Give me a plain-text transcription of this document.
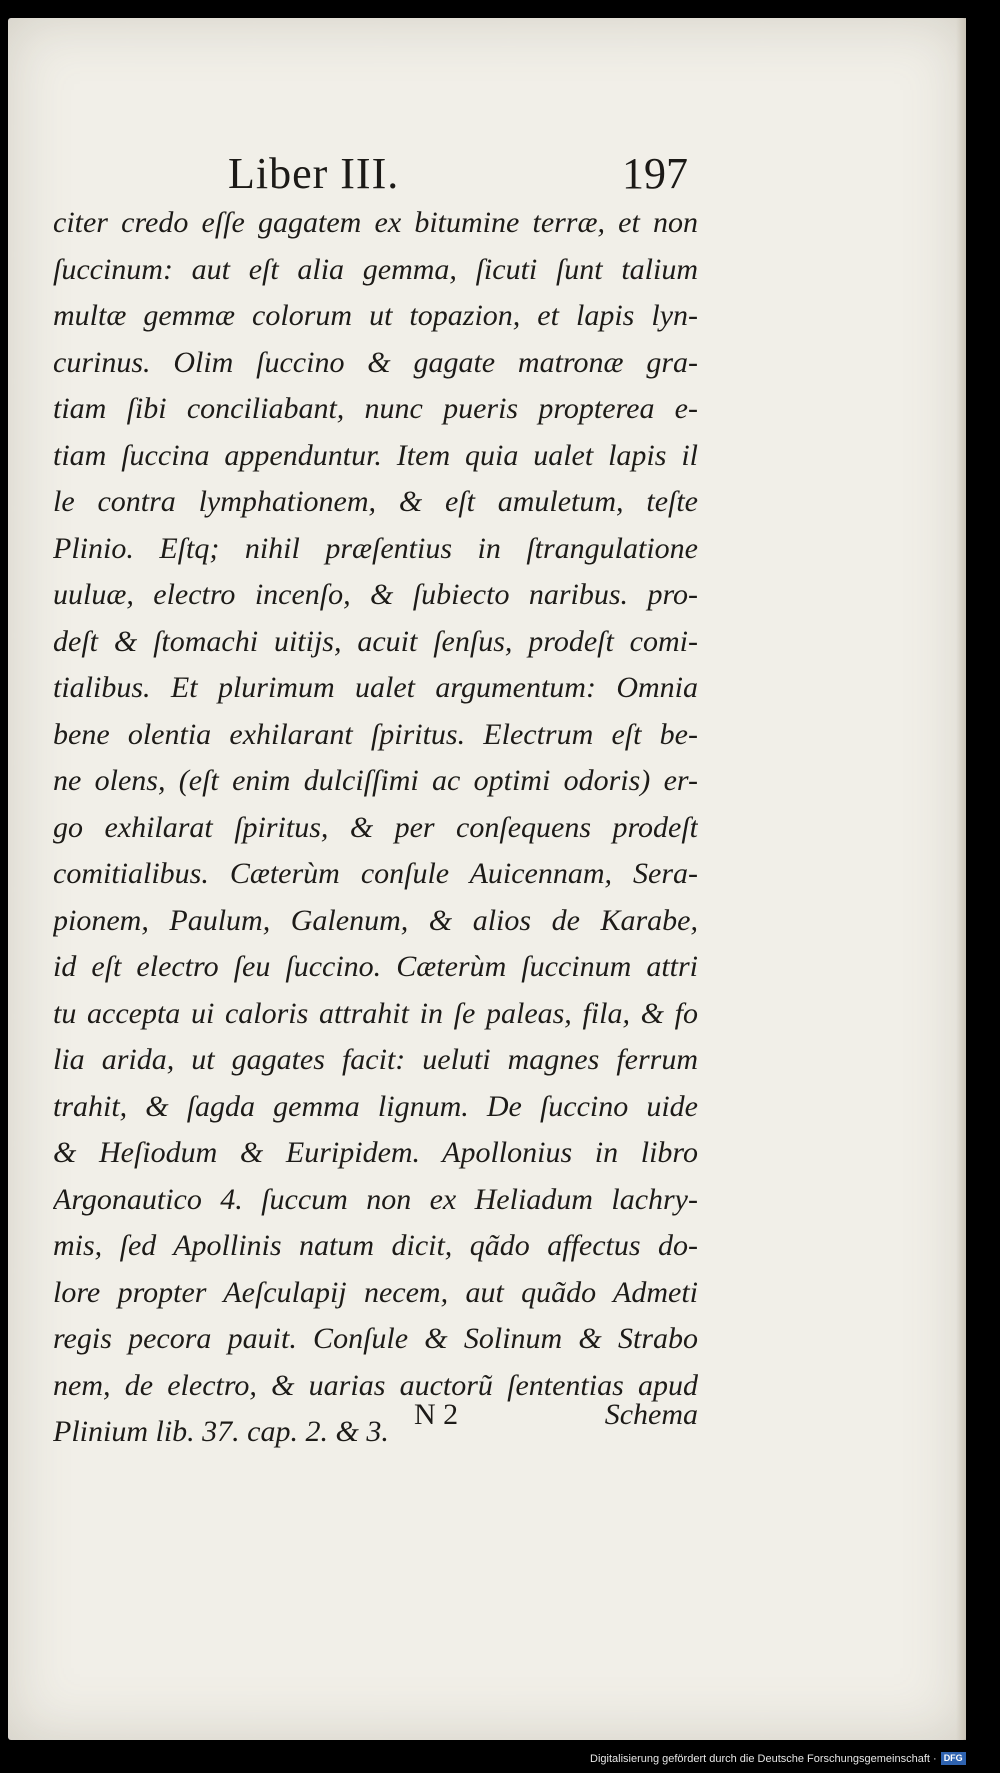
Liber III.	197
citer credo eſſe gagatem ex bitumine terræ, et non
ſuccinum: aut eſt alia gemma, ſicuti ſunt talium
multæ gemmæ colorum ut topazion, et lapis lyn-
curinus. Olim ſuccino & gagate matronæ gra-
tiam ſibi conciliabant, nunc pueris propterea e-
tiam ſuccina appenduntur. Item quia ualet lapis il
le contra lymphationem, & eſt amuletum, teſte
Plinio. Eſtq; nihil præſentius in ſtrangulatione
uuluæ, electro incenſo, & ſubiecto naribus. pro-
deſt & ſtomachi uitijs, acuit ſenſus, prodeſt comi-
tialibus. Et plurimum ualet argumentum: Omnia
bene olentia exhilarant ſpiritus. Electrum eſt be-
ne olens, (eſt enim dulciſſimi ac optimi odoris) er-
go exhilarat ſpiritus, & per conſequens prodeſt
comitialibus. Cæterùm conſule Auicennam, Sera-
pionem, Paulum, Galenum, & alios de Karabe,
id eſt electro ſeu ſuccino. Cæterùm ſuccinum attri
tu accepta ui caloris attrahit in ſe paleas, fila, & fo
lia arida, ut gagates facit: ueluti magnes ferrum
trahit, & ſagda gemma lignum. De ſuccino uide
& Heſiodum & Euripidem. Apollonius in libro
Argonautico 4. ſuccum non ex Heliadum lachry-
mis, ſed Apollinis natum dicit, qãdo affectus do-
lore propter Aeſculapij necem, aut quãdo Admeti
regis pecora pauit. Conſule & Solinum & Strabo
nem, de electro, & uarias auctorũ ſententias apud
Plinium lib. 37. cap. 2. & 3.
N 2	Schema
Digitalisierung gefördert durch die Deutsche Forschungsgemeinschaft · DFG
